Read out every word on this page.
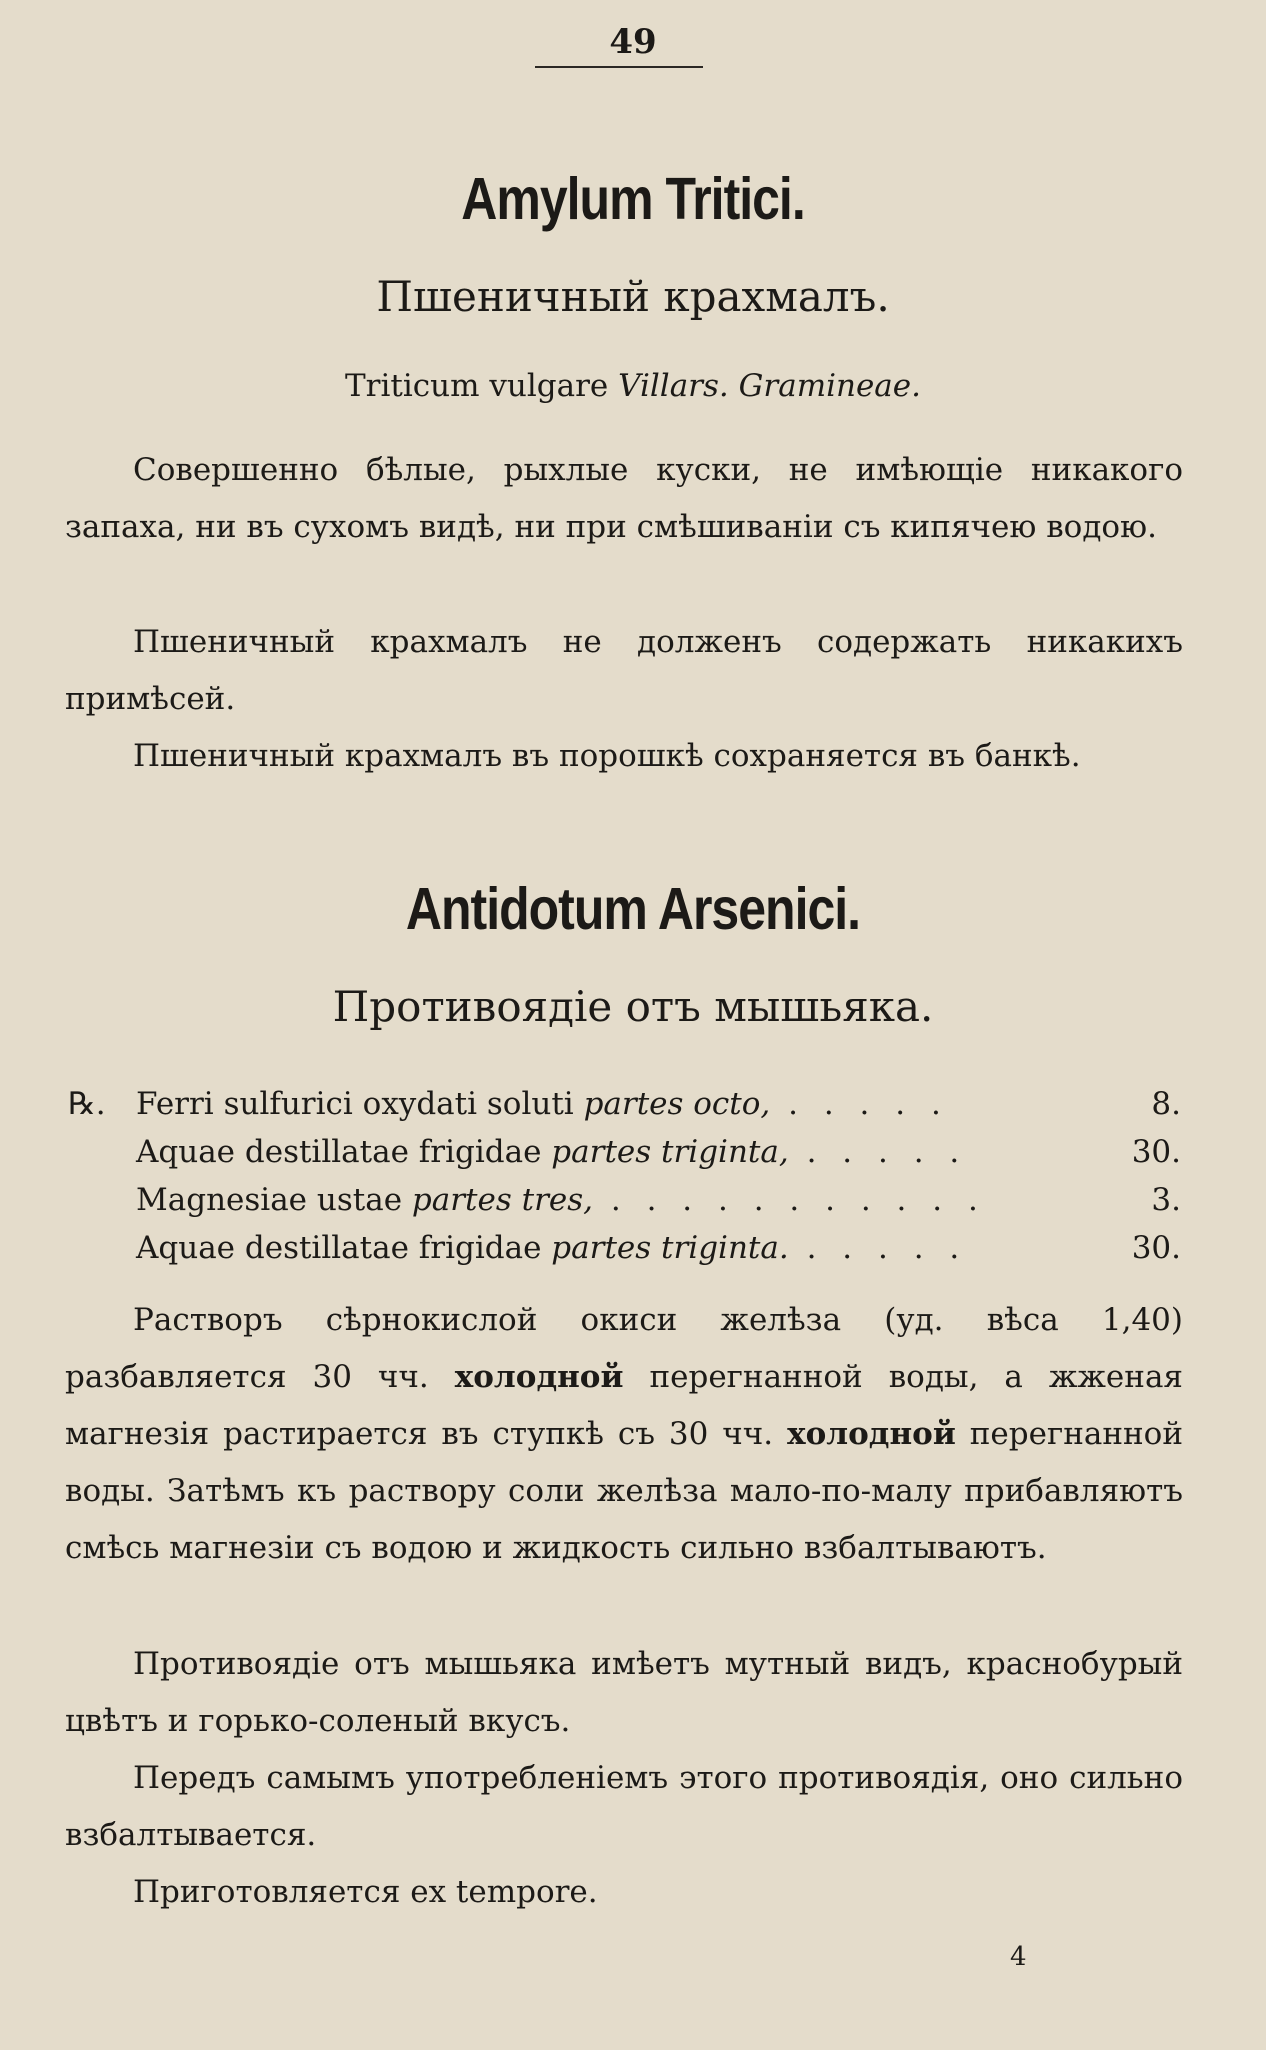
49
Amylum Tritici.
Пшеничный крахмалъ.
Triticum vulgare Villars. Gramineae.
Совершенно бѣлые, рыхлые куски, не имѣющіе никакого запаха, ни въ сухомъ видѣ, ни при смѣшиваніи съ кипячею водою.
Пшеничный крахмалъ не долженъ содержать никакихъ примѣсей.
Пшеничный крахмалъ въ порошкѣ сохраняется въ банкѣ.
Antidotum Arsenici.
Противоядіе отъ мышьяка.
℞. Ferri sulfurici oxydati soluti partes octo, . . . . .	8.
Aquae destillatae frigidae partes triginta, . . . . .	30.
Magnesiae ustae partes tres, . . . . . . . . . . .	3.
Aquae destillatae frigidae partes triginta. . . . . .	30.
Растворъ сѣрнокислой окиси желѣза (уд. вѣса 1,40) разбавляется 30 чч. холодной перегнанной воды, а жженая магнезія растирается въ ступкѣ съ 30 чч. холодной перегнанной воды. Затѣмъ къ раствору соли желѣза мало-по-малу прибавляютъ смѣсь магнезіи съ водою и жидкость сильно взбалтываютъ.
Противоядіе отъ мышьяка имѣетъ мутный видъ, краснобурый цвѣтъ и горько-соленый вкусъ.
Передъ самымъ употребленіемъ этого противоядія, оно сильно взбалтывается.
Приготовляется ex tempore.
4
